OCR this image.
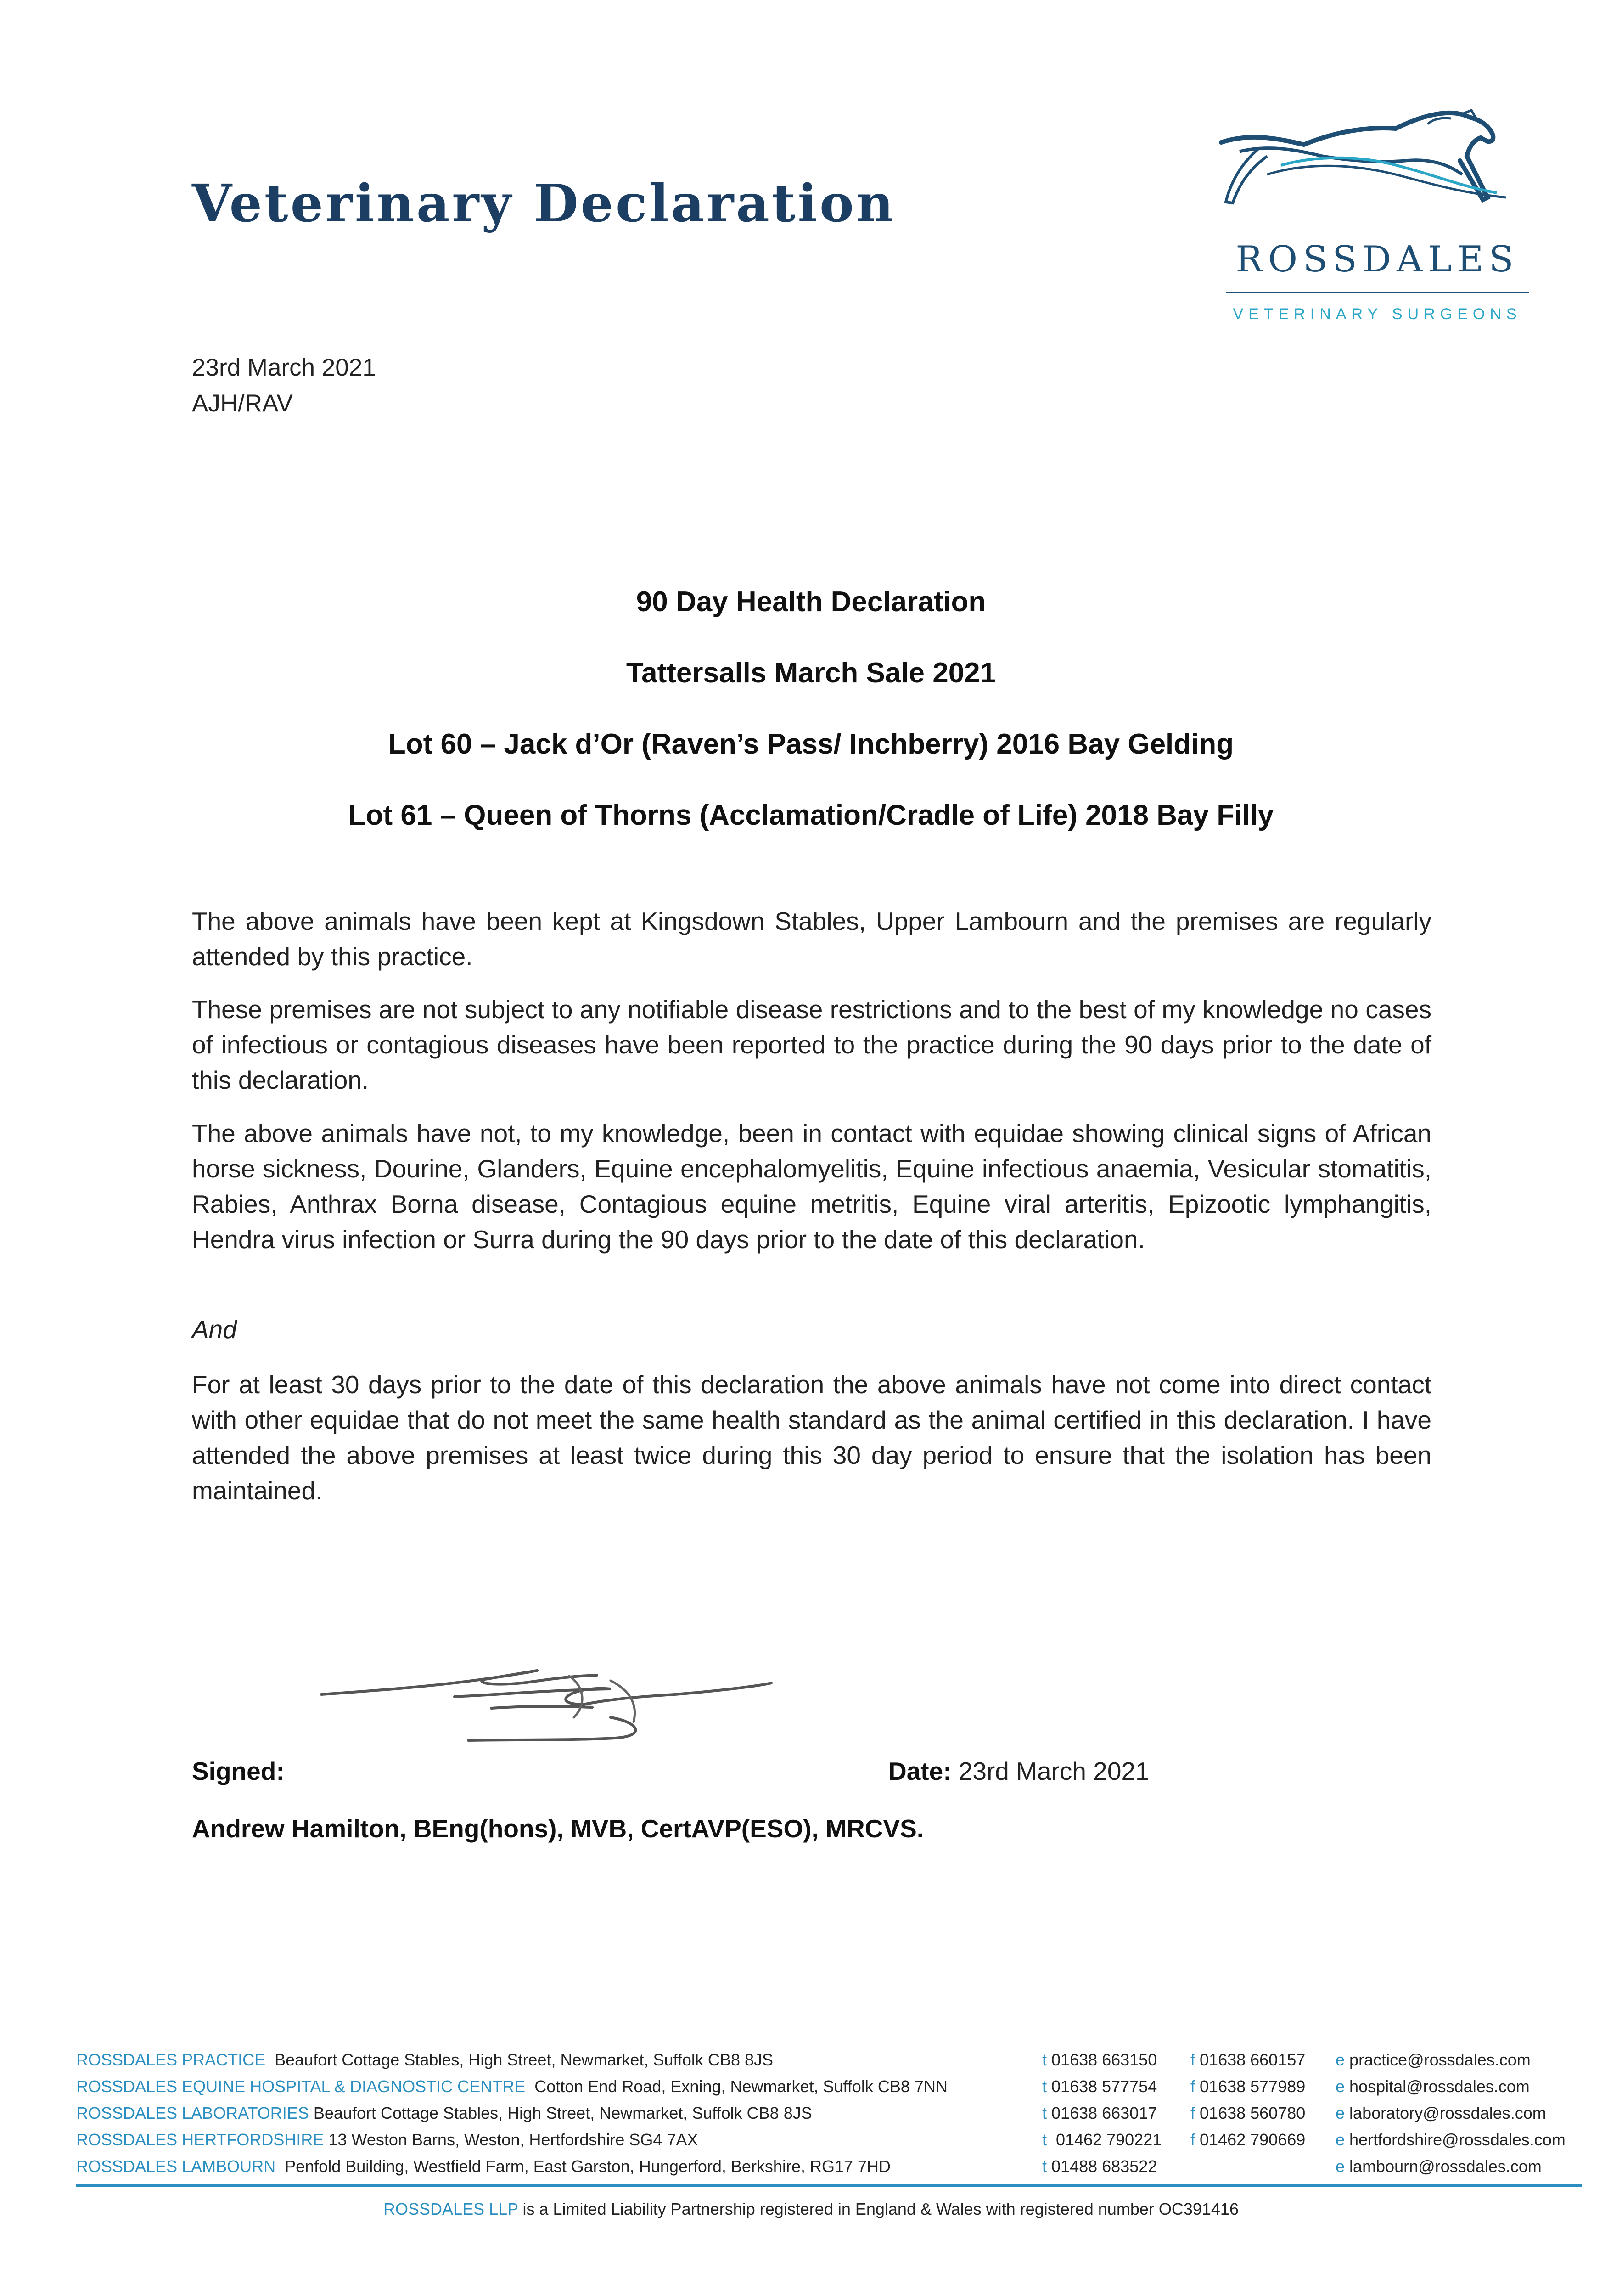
Veterinary Declaration
ROSSDALES
VETERINARY SURGEONS
23rd March 2021
AJH/RAV
90 Day Health Declaration
Tattersalls March Sale 2021
Lot 60 – Jack d’Or (Raven’s Pass/ Inchberry) 2016 Bay Gelding
Lot 61 – Queen of Thorns (Acclamation/Cradle of Life) 2018 Bay Filly

The above animals have been kept at Kingsdown Stables, Upper Lambourn and the premises are regularly attended by this practice.

These premises are not subject to any notifiable disease restrictions and to the best of my knowledge no cases of infectious or contagious diseases have been reported to the practice during the 90 days prior to the date of this declaration.

The above animals have not, to my knowledge, been in contact with equidae showing clinical signs of African horse sickness, Dourine, Glanders, Equine encephalomyelitis, Equine infectious anaemia, Vesicular stomatitis, Rabies, Anthrax Borna disease, Contagious equine metritis, Equine viral arteritis, Epizootic lymphangitis, Hendra virus infection or Surra during the 90 days prior to the date of this declaration.

And

For at least 30 days prior to the date of this declaration the above animals have not come into direct contact with other equidae that do not meet the same health standard as the animal certified in this declaration. I have attended the above premises at least twice during this 30 day period to ensure that the isolation has been maintained.

Signed:	Date: 23rd March 2021
Andrew Hamilton, BEng(hons), MVB, CertAVP(ESO), MRCVS.
ROSSDALES PRACTICE Beaufort Cottage Stables, High Street, Newmarket, Suffolk CB8 8JS	t 01638 663150 f 01638 660157 e practice@rossdales.com
ROSSDALES EQUINE HOSPITAL & DIAGNOSTIC CENTRE Cotton End Road, Exning, Newmarket, Suffolk CB8 7NN	t 01638 577754 f 01638 577989 e hospital@rossdales.com
ROSSDALES LABORATORIES Beaufort Cottage Stables, High Street, Newmarket, Suffolk CB8 8JS	t 01638 663017 f 01638 560780 e laboratory@rossdales.com
ROSSDALES HERTFORDSHIRE 13 Weston Barns, Weston, Hertfordshire SG4 7AX	t 01462 790221 f 01462 790669 e hertfordshire@rossdales.com
ROSSDALES LAMBOURN Penfold Building, Westfield Farm, East Garston, Hungerford, Berkshire, RG17 7HD	t 01488 683522	e lambourn@rossdales.com
ROSSDALES LLP is a Limited Liability Partnership registered in England & Wales with registered number OC391416
